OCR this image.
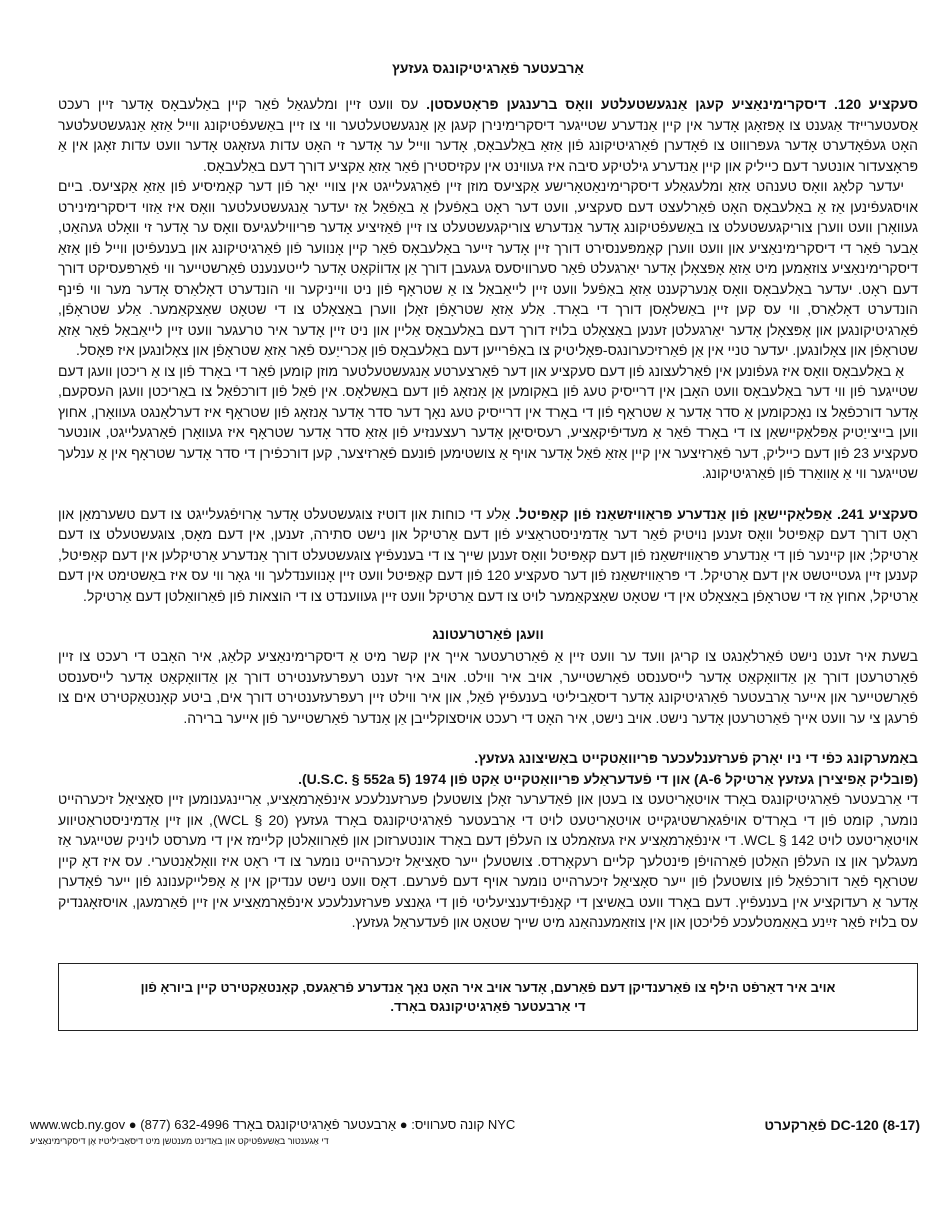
אַרבעטער פֿאַרגיטיקונגס געזעץ

סעקציע 120. דיסקרימינאַציע קעגן אַנגעשטעלטע וואָס ברענגען פּראָטעסטן. עס וועט זיין ומלעגאַל פֿאַר קיין באַלעבאָס אָדער זיין רעכט אַסעטערייזד אַגענט צו אָפּזאָגן אָדער אין קיין אַנדערע שטייגער דיסקרימינירן קעגן אַן אַנגעשטעלטער ווי צו זיין באַשעפֿטיקונג ווייל אַזאַ אַנגעשטעלטער האָט געפֿאָדערט אָדער געפּרוווט צו פֿאָדערן פֿאַרגיטיקונג פֿון אַזאַ באַלעבאָס, אָדער ווייל ער אָדער זי האָט עדות געזאָגט אָדער וועט עדות זאָגן אין אַ פּראָצעדור אונטער דעם כייליק און קיין אַנדערע גילטיקע סיבה איז געווינט אין עקזיסטירן פֿאַר אַזאַ אַקציע דורך דעם באַלעבאָס.

יעדער קלאָג וואָס טענהט אַזאַ ומלעגאַלע דיסקרימינאַטאָרישע אַקציעס מוזן זיין פֿאַרגעלייגט אין צוויי יאָר פֿון דער קאָמיסיע פֿון אַזאַ אַקציעס. ביים אויסגעפֿינען אַז אַ באַלעבאָס האָט פֿאַרלעצט דעם סעקציע, וועט דער ראָט באַפֿעלן אַ באַפֿאַל אַז יעדער אַנגעשטעלטער וואָס איז אַזוי דיסקרימינירט געוואָרן וועט ווערן צוריקגעשטעלט צו באַשעפֿטיקונג אָדער אַנדערש צוריקגעשטעלט צו זיין פֿאַזיציע אָדער פּריווילעגיעס וואָס ער אָדער זי וואָלט געהאַט, אַבער פֿאַר די דיסקרימינאַציע און וועט ווערן קאָמפּענסירט דורך זיין אָדער זייער באַלעבאָס פֿאַר קיין אָנווער פֿון פֿאַרגיטיקונג און בענעפֿיטן ווייל פֿון אַזאַ דיסקרימינאַציע צוזאַמען מיט אַזאַ אָפּצאָלן אָדער יאַרגעלט פֿאַר סערוויסעס געגעבן דורך אַן אַדווֹקאַט אָדער לייטענענט פֿאַרשטייער ווי פֿאַרפּעסיקט דורך דעם ראָט. יעדער באַלעבאָס וואָס אַנערקענט אַזאַ באַפֿעל וועט זיין לייאַבאַל צו אַ שטראָף פֿון ניט ווייניקער ווי הונדערט דאָלאַרס אָדער מער ווי פֿינף הונדערט דאָלאַרס, ווי עס קען זיין באַשלאָסן דורך די באָרד. אַלע אַזאַ שטראָפֿן זאָלן ווערן באַצאָלט צו די שטאָט שאַצקאַמער. אַלע שטראָפֿן, פֿאַרגיטיקונגען און אָפּצאָלן אָדער יאַרגעלטן זענען באַצאָלט בלויז דורך דעם באַלעבאָס אַליין און ניט זיין אָדער איר טרעגער וועט זיין לייאַבאַל פֿאַר אַזאַ שטראָפֿן און צאָלונגען. יעדער טניי אין אַן פֿאַרזיכערונגס-פּאָליטיק צו באַפֿרייען דעם באַלעבאָס פֿון אַכרייַעס פֿאַר אַזאַ שטראָפֿן און צאָלונגען איז פּאָסל.

אַ באַלעבאָס וואָס איז געפֿונען אין פֿאַרלעצונג פֿון דעם סעקציע און דער פֿאַרצערטע אַנגעשטעלטער מוזן קומען פֿאַר די באָרד פֿון צו אַ ריכטן וועגן דעם שטייגער פֿון ווי דער באַלעבאָס וועט האָבן אין דרייסיק טעג פֿון באַקומען אַן אָנזאָג פֿון דעם באַשלאָס. אין פֿאַל פֿון דורכפֿאַל צו באַריכטן וועגן העסקעם, אָדער דורכפֿאַל צו נאָכקומען אַ סדר אָדער אַ שטראָף פֿון די באָרד אין דרייסיק טעג נאָך דער סדר אָדער אָנזאָג פֿון שטראָף איז דערלאַנגט געוואָרן, אחוץ ווען בייצייַטיק אַפּלאַקיישאַן צו די באָרד פֿאַר אַ מעדיפֿיקאַציע, רעסיסיאָן אָדער רעצענזיע פֿון אַזאַ סדר אָדער שטראָף איז געוואָרן פֿאַרגעלייגט, אונטער סעקציע 23 פֿון דעם כייליק, דער פֿאַרזיצער אין קיין אַזאַ פֿאַל אָדער אויף אַ צושטימען פֿונעם פֿאַרזיצער, קען דורכפֿירן די סדר אָדער שטראָף אין אַ ענלעך שטייגער ווי אַ אַוואַרד פֿון פֿאַרגיטיקונג.

סעקציע 241. אַפּלאַקיישאַן פֿון אַנדערע פּראַוויזשאַנז פֿון קאַפּיטל. אַלע די כוחות און דוטיז צוגעשטעלט אָדער אַרויפֿגעלייגט צו דעם טשערמאַן און ראָט דורך דעם קאַפּיטל וואָס זענען נויטיק פֿאַר דער אַדמיניסטראַציע פֿון דעם אַרטיקל און נישט סתירה, זענען, אין דעם מאָס, צוגעשטעלט צו דעם אַרטיקל; און קיינער פֿון די אַנדערע פּראַוויזשאַנז פֿון דעם קאַפּיטל וואָס זענען שייך צו די בענעפֿיץ צוגעשטעלט דורך אַנדערע אַרטיקלען אין דעם קאַפּיטל, קענען זיין געטייטשט אין דעם אַרטיקל. די פּראַוויזשאַנז פֿון דער סעקציע 120 פֿון דעם קאַפּיטל וועט זיין אָנווענדלעך ווי גאָר ווי עס איז באַשטימט אין דעם אַרטיקל, אחוץ אַז די שטראָפֿן באַצאָלט אין די שטאָט שאַצקאַמער לויט צו דעם אַרטיקל וועט זיין געווענדט צו די הוצאות פֿון פֿאַרוואַלטן דעם אַרטיקל.

וועגן פֿאַרטרעטונג

בשעת איר זענט נישט פֿאַרלאַנגט צו קריגן וועד ער וועט זיין אַ פֿאַרטרעטער אייך אין קשר מיט אַ דיסקרימינאַציע קלאַג, איר האָבט די רעכט צו זיין פֿאַרטרעטן דורך אַן אַדוואָקאַט אָדער לייסענסט פֿאַרשטייער, אויב איר ווילט. אויב איר זענט רעפּרעזענטירט דורך אַן אַדוואָקאַט אָדער לייסענסט פֿאַרשטייער און אייער אַרבעטער פֿאַרגיטיקונג אָדער דיסאַביליטי בענעפֿיץ פֿאַל, און איר ווילט זיין רעפּרעזענטירט דורך אים, ביטע קאָנטאַקטירט אים צו פֿרעגן צי ער וועט אייך פֿאַרטרעטן אָדער נישט. אויב נישט, איר האָט די רעכט אויסצוקלייבן אַן אַנדער פֿאַרשטייער פֿון אייער ברירה.

באַמערקונג כּפֿי די ניו יאָרק פֿערזענלעכער פּריוואַטקייט באַשיצונג געזעץ.
(פּובליק אָפיצירן געזעץ אַרטיקל 6-A) און די פֿעדעראַלע פּריוואַטקייט אַקט פֿון 1974 (5 U.S.C. § 552a).

די אַרבעטער פֿאַרגיטיקונגס באָרד אויטאָריטעט צו בעטן און פֿאַדערער זאָלן צושטעלן פערזענלעכע אינפֿאָרמאַציע, אַריינגענומען זײן סאָציאַל זיכערהייט נומער, קומט פֿון די באָרד'ס אויפֿגאַרשטיגקייט אויטאָריטעט לויט די אַרבעטער פֿאַרגיטיקונגס באָרד געזעץ (WCL § 20), און זײן אַדמיניסטראַטיווע אויטאָריטעט לויט WCL § 142. די אינפֿאָרמאַציע איז געזאַמלט צו העלפֿן דעם באָרד אונטערזוכן און פֿאַרוואַלטן קליימז אין די מערסט לויניק שטייגער אַז מעגלעך און צו העלפֿן האַלטן פֿאַרהויפֿן פּינטלעך קליים רעקאָרדס. צושטעלן ייער סאָציאַל זיכערהייט נומער צו די ראָט איז וואָלאַנטערי. עס איז דאָ קיין שטראָף פֿאַר דורכפֿאַל פֿון צושטעלן פֿון ייער סאָציאַל זיכערהייט נומער אויף דעם פֿערעם. דאָס וועט נישט ענדיקן אין אַ אָפּלייקענונג פֿון ייער פֿאָדערן אָדער אַ רעדוקציע אין בענעפֿיץ. דעם באָרד וועט באַשיצן די קאָנפֿידענציעליטי פֿון די גאַנצע פּערזענלעכע אינפֿאָרמאַציע אין זײן פֿאַרמעגן, אויסזאָגנדיק עס בלויז פֿאַר זײַנע באַאַמטלעכע פֿליכטן און אין צוזאַמענהאַנג מיט שייך שטאַט און פֿעדעראַל געזעץ.

אויב איר דאַרפֿט הילף צו פֿאַרענדיקן דעם פֿאַרעם, אָדער אויב איר האָט נאָך אַנדערע פֿראַגעס, קאָנטאַקטירט קיין ביוראָ פֿון
די אַרבעטער פֿאַרגיטיקונגס באָרד.
www.wcb.ny.gov ● (877) 632-4996	קונה סערוויס: ● אַרבעטער פֿאַרגיטיקונגס באָרד NYC
די אַגענטור באַשעפֿטיקט און באַדינט מענטשן מיט דיסאַביליטיז אָן דיסקרימינאַציע
פֿאַרקערט DC-120 (8-17)
